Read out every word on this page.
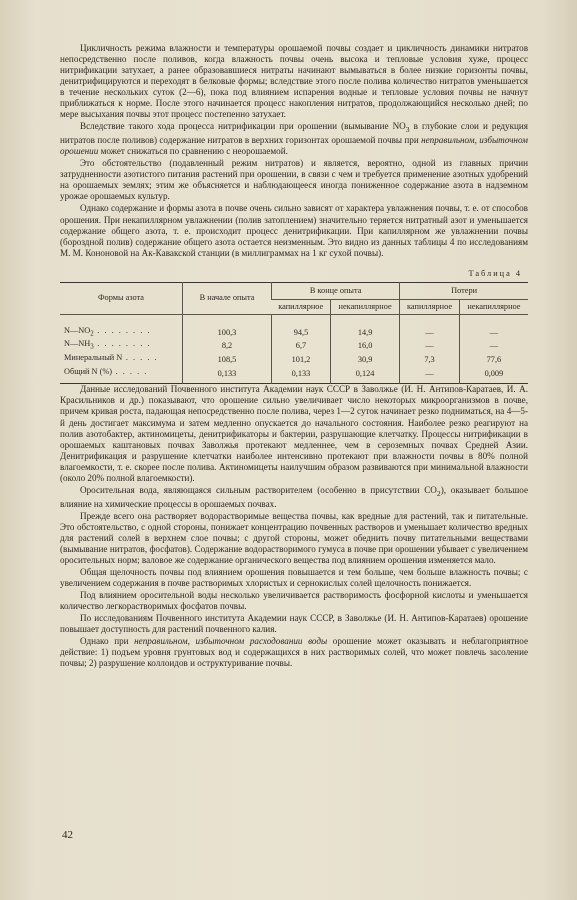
Цикличность режима влажности и температуры орошаемой почвы создает и цикличность динамики нитратов непосредственно после поливов, когда влажность почвы очень высока и тепловые условия хуже, процесс нитрификации затухает, а ранее образовавшиеся нитраты начинают вымываться в более низкие горизонты почвы, денитрифицируются и переходят в белковые формы; вследствие этого после полива количество нитратов уменьшается в течение нескольких суток (2—6), пока под влиянием испарения водные и тепловые условия почвы не начнут приближаться к норме. После этого начинается процесс накопления нитратов, продолжающийся несколько дней; по мере высыхания почвы этот процесс постепенно затухает.

Вследствие такого хода процесса нитрификации при орошении (вымывание $NO_3$ в глубокие слои и редукция нитратов после поливов) содержание нитратов в верхних горизонтах орошаемой почвы при неправильном, избыточном орошении может снижаться по сравнению с неорошаемой.

Это обстоятельство (подавленный режим нитратов) и является, вероятно, одной из главных причин затрудненности азотистого питания растений при орошении, в связи с чем и требуется применение азотных удобрений на орошаемых землях; этим же объясняется и наблюдающееся иногда пониженное содержание азота в надземном урожае орошаемых культур.

Однако содержание и формы азота в почве очень сильно зависят от характера увлажнения почвы, т. е. от способов орошения. При некапиллярном увлажнении (полив затоплением) значительно теряется нитратный азот и уменьшается содержание общего азота, т. е. происходит процесс денитрификации. При капиллярном же увлажнении почвы (бороздной полив) содержание общего азота остается неизменным. Это видно из данных таблицы 4 по исследованиям М. М. Кононовой на Ак-Кавакской станции (в миллиграммах на 1 кг сухой почвы).

Таблица 4
Формы азота	В начале опыта	В конце опыта		Потери	
		капиллярное	некапиллярное	капиллярное	некапиллярное
$N—NO_2$ . . . . . . . .	100,3	94,5	14,9	—	—
$N—NH_3$ . . . . . . . .	8,2	6,7	16,0	—	—
Минеральный N . . . . .	108,5	101,2	30,9	7,3	77,6
Общий N (%) . . . . .	0,133	0,133	0,124	—	0,009

Данные исследований Почвенного института Академии наук СССР в Заволжье (И. Н. Антипов-Каратаев, И. А. Красильников и др.) показывают, что орошение сильно увеличивает число некоторых микроорганизмов в почве, причем кривая роста, падающая непосредственно после полива, через 1—2 суток начинает резко подниматься, на 4—5-й день достигает максимума и затем медленно опускается до начального состояния. Наиболее резко реагируют на полив азотобактер, актиномицеты, денитрификаторы и бактерии, разрушающие клетчатку. Процессы нитрификации в орошаемых каштановых почвах Заволжья протекают медленнее, чем в сероземных почвах Средней Азии. Денитрификация и разрушение клетчатки наиболее интенсивно протекают при влажности почвы в 80% полной влагоемкости, т. е. скорее после полива. Актиномицеты наилучшим образом развиваются при минимальной влажности (около 20% полной влагоемкости).

Оросительная вода, являющаяся сильным растворителем (особенно в присутствии $CO_2$), оказывает большое влияние на химические процессы в орошаемых почвах.

Прежде всего она растворяет водорастворимые вещества почвы, как вредные для растений, так и питательные. Это обстоятельство, с одной стороны, понижает концентрацию почвенных растворов и уменьшает количество вредных для растений солей в верхнем слое почвы; с другой стороны, может обеднить почву питательными веществами (вымывание нитратов, фосфатов). Содержание водорастворимого гумуса в почве при орошении убывает с увеличением оросительных норм; валовое же содержание органического вещества под влиянием орошения изменяется мало.

Общая щелочность почвы под влиянием орошения повышается и тем больше, чем больше влажность почвы; с увеличением содержания в почве растворимых хлористых и сернокислых солей щелочность понижается.

Под влиянием оросительной воды несколько увеличивается растворимость фосфорной кислоты и уменьшается количество легкорастворимых фосфатов почвы.

По исследованиям Почвенного института Академии наук СССР, в Заволжье (И. Н. Антипов-Каратаев) орошение повышает доступность для растений почвенного калия.

Однако при неправильном, избыточном расходовании воды орошение может оказывать и неблагоприятное действие: 1) подъем уровня грунтовых вод и содержащихся в них растворимых солей, что может повлечь засоление почвы; 2) разрушение коллоидов и оструктуривание почвы.

42
